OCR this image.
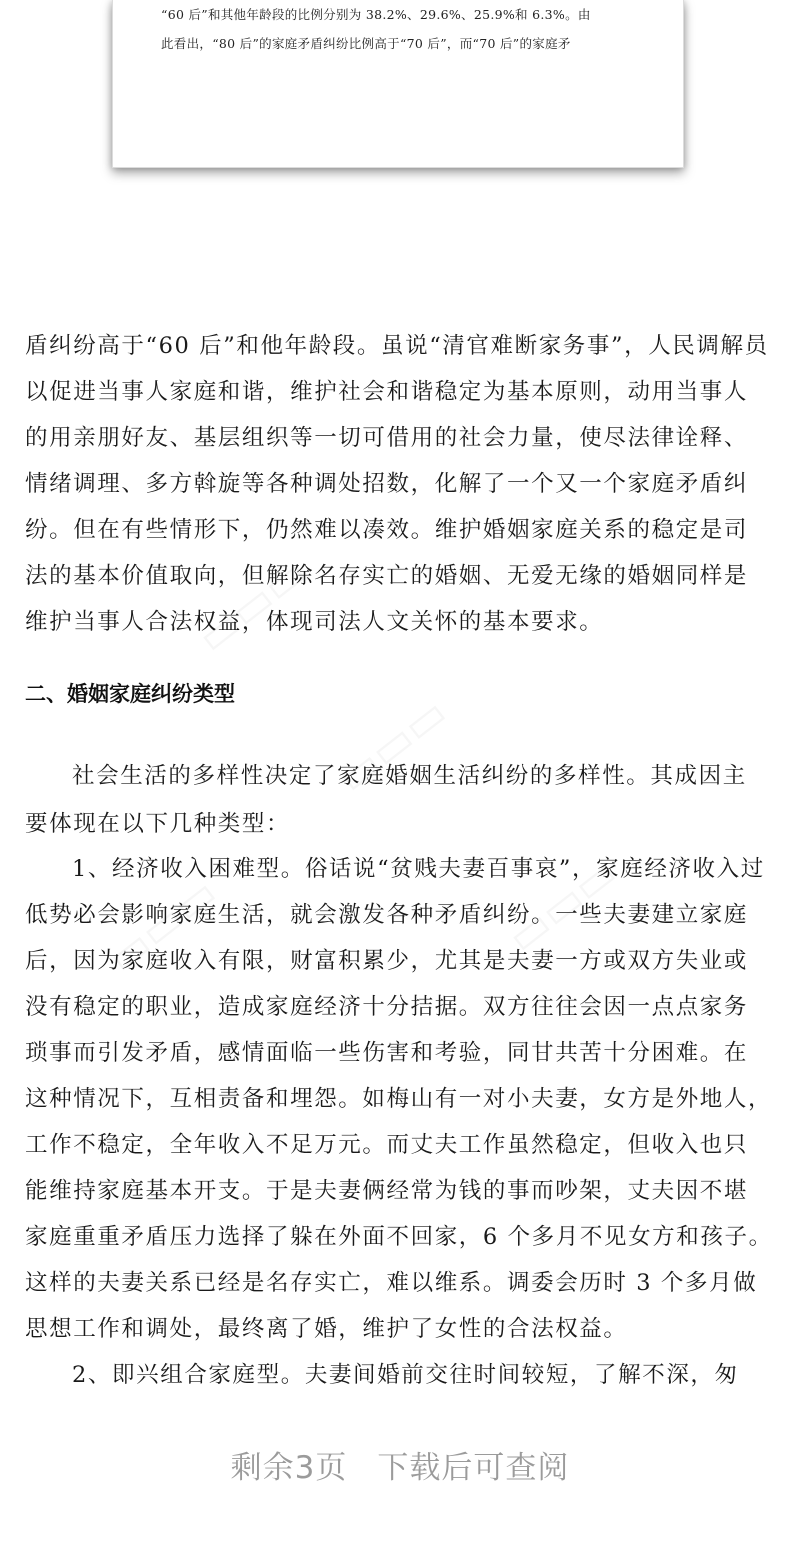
“60 后”和其他年龄段的比例分别为 38.2%、29.6%、25.9%和 6.3%。由
此看出，“80 后”的家庭矛盾纠纷比例高于“70 后”，而“70 后”的家庭矛
盾纠纷高于“60 后”和他年龄段。虽说“清官难断家务事”，人民调解员
以促进当事人家庭和谐，维护社会和谐稳定为基本原则，动用当事人
的用亲朋好友、基层组织等一切可借用的社会力量，使尽法律诠释、
情绪调理、多方斡旋等各种调处招数，化解了一个又一个家庭矛盾纠
纷。但在有些情形下，仍然难以凑效。维护婚姻家庭关系的稳定是司
法的基本价值取向，但解除名存实亡的婚姻、无爱无缘的婚姻同样是
维护当事人合法权益，体现司法人文关怀的基本要求。
二、婚姻家庭纠纷类型
社会生活的多样性决定了家庭婚姻生活纠纷的多样性。其成因主
要体现在以下几种类型：
1、经济收入困难型。俗话说“贫贱夫妻百事哀”，家庭经济收入过
低势必会影响家庭生活，就会激发各种矛盾纠纷。一些夫妻建立家庭
后，因为家庭收入有限，财富积累少，尤其是夫妻一方或双方失业或
没有稳定的职业，造成家庭经济十分拮据。双方往往会因一点点家务
琐事而引发矛盾，感情面临一些伤害和考验，同甘共苦十分困难。在
这种情况下，互相责备和埋怨。如梅山有一对小夫妻，女方是外地人，
工作不稳定，全年收入不足万元。而丈夫工作虽然稳定，但收入也只
能维持家庭基本开支。于是夫妻俩经常为钱的事而吵架，丈夫因不堪
家庭重重矛盾压力选择了躲在外面不回家，6 个多月不见女方和孩子。
这样的夫妻关系已经是名存实亡，难以维系。调委会历时 3 个多月做
思想工作和调处，最终离了婚，维护了女性的合法权益。
2、即兴组合家庭型。夫妻间婚前交往时间较短，了解不深，匆
剩余3页 下载后可查阅
